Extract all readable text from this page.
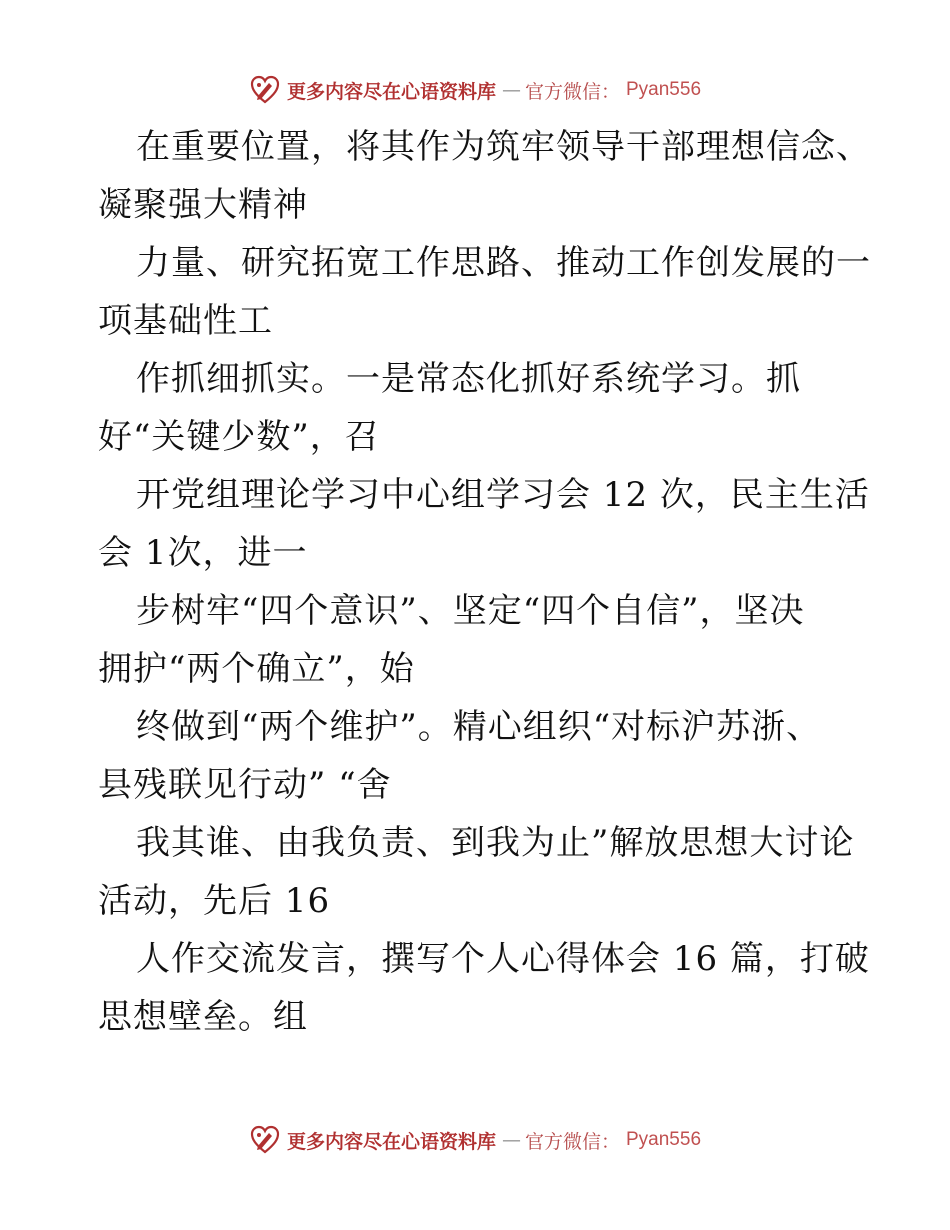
更多内容尽在心语资料库 — 官方微信： Pyan556
在重要位置，将其作为筑牢领导干部理想信念、
凝聚强大精神
力量、研究拓宽工作思路、推动工作创发展的一
项基础性工
作抓细抓实。一是常态化抓好系统学习。抓
好“关键少数”，召
开党组理论学习中心组学习会 12 次，民主生活
会 1次，进一
步树牢“四个意识”、坚定“四个自信”，坚决
拥护“两个确立”，始
终做到“两个维护”。精心组织“对标沪苏浙、
县残联见行动” “舍
我其谁、由我负责、到我为止”解放思想大讨论
活动，先后 16
人作交流发言，撰写个人心得体会 16 篇，打破
思想壁垒。组
更多内容尽在心语资料库 — 官方微信： Pyan556
